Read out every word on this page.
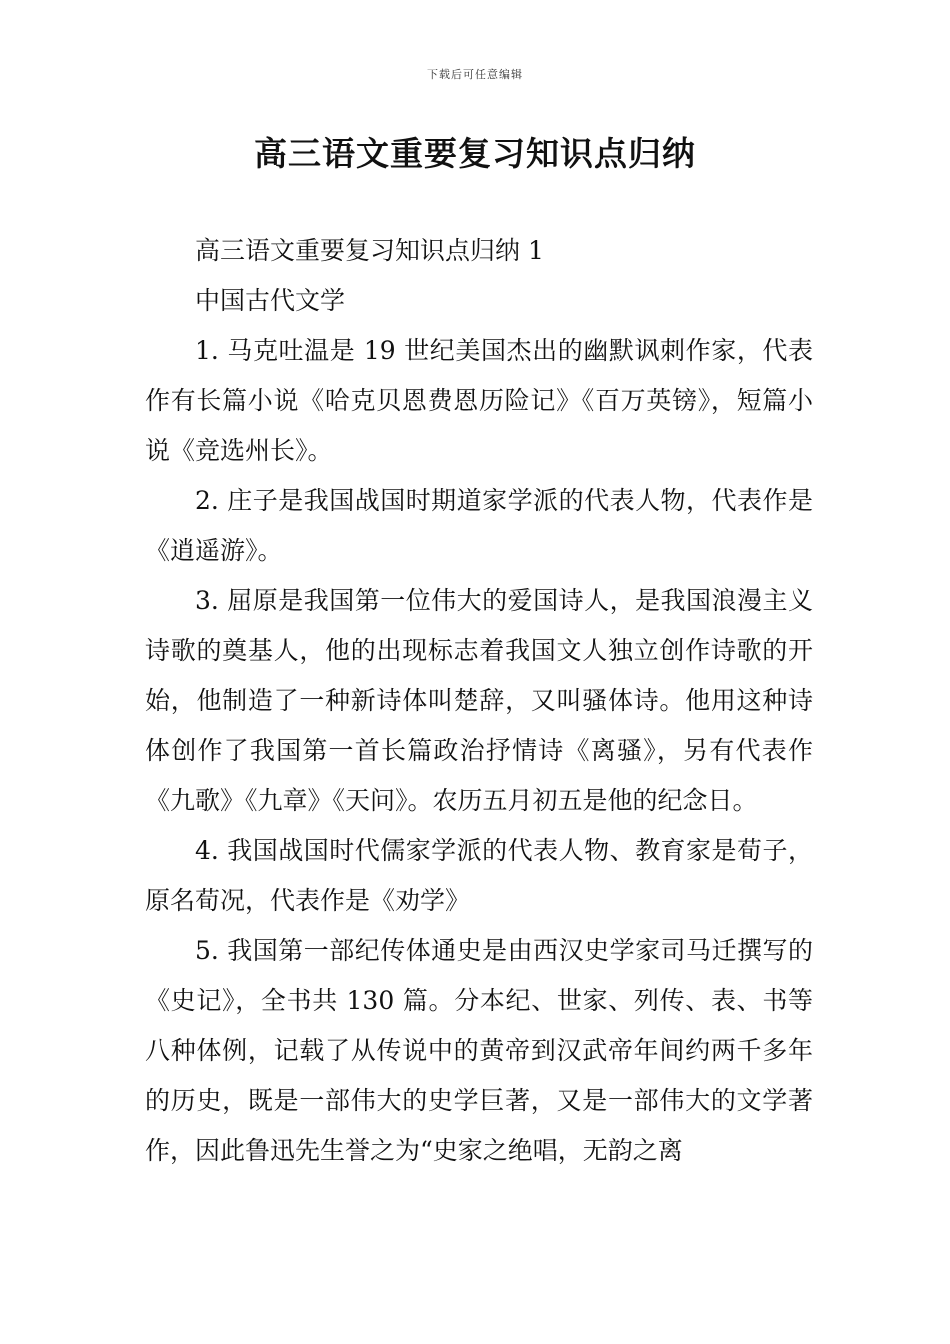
下载后可任意编辑
高三语文重要复习知识点归纳

高三语文重要复习知识点归纳 1

中国古代文学

1. 马克吐温是 19 世纪美国杰出的幽默讽刺作家，代表作有长篇小说《哈克贝恩费恩历险记》《百万英镑》，短篇小说《竞选州长》。

2. 庄子是我国战国时期道家学派的代表人物，代表作是《逍遥游》。

3. 屈原是我国第一位伟大的爱国诗人，是我国浪漫主义诗歌的奠基人，他的出现标志着我国文人独立创作诗歌的开始，他制造了一种新诗体叫楚辞，又叫骚体诗。他用这种诗体创作了我国第一首长篇政治抒情诗《离骚》，另有代表作《九歌》《九章》《天问》。农历五月初五是他的纪念日。

4. 我国战国时代儒家学派的代表人物、教育家是荀子，原名荀况，代表作是《劝学》

5. 我国第一部纪传体通史是由西汉史学家司马迁撰写的《史记》，全书共 130 篇。分本纪、世家、列传、表、书等八种体例，记载了从传说中的黄帝到汉武帝年间约两千多年的历史，既是一部伟大的史学巨著，又是一部伟大的文学著作，因此鲁迅先生誉之为“史家之绝唱，无韵之离
